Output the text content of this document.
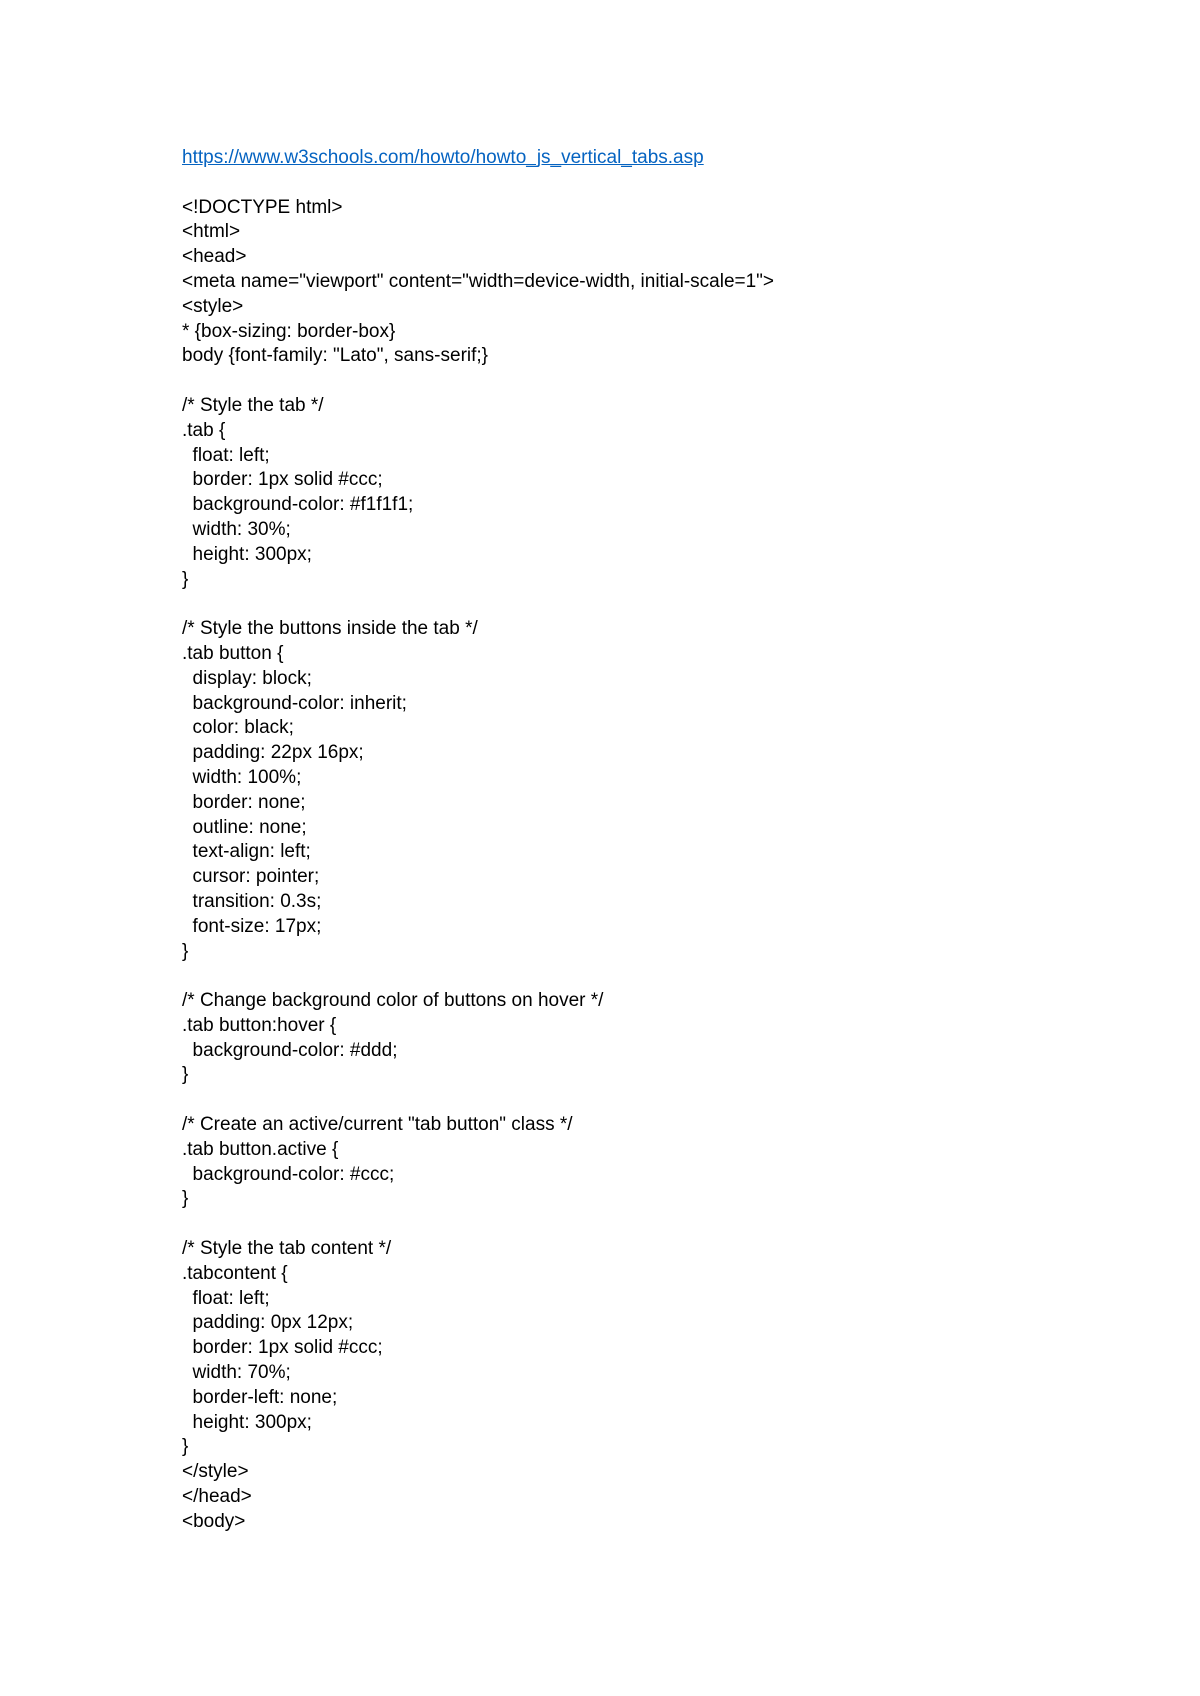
https://www.w3schools.com/howto/howto_js_vertical_tabs.asp
<!DOCTYPE html>
<html>
<head>
<meta name="viewport" content="width=device-width, initial-scale=1">
<style>
* {box-sizing: border-box}
body {font-family: "Lato", sans-serif;}
/* Style the tab */
.tab {
float: left;
border: 1px solid #ccc;
background-color: #f1f1f1;
width: 30%;
height: 300px;
}
/* Style the buttons inside the tab */
.tab button {
display: block;
background-color: inherit;
color: black;
padding: 22px 16px;
width: 100%;
border: none;
outline: none;
text-align: left;
cursor: pointer;
transition: 0.3s;
font-size: 17px;
}
/* Change background color of buttons on hover */
.tab button:hover {
background-color: #ddd;
}
/* Create an active/current "tab button" class */
.tab button.active {
background-color: #ccc;
}
/* Style the tab content */
.tabcontent {
float: left;
padding: 0px 12px;
border: 1px solid #ccc;
width: 70%;
border-left: none;
height: 300px;
}
</style>
</head>
<body>
